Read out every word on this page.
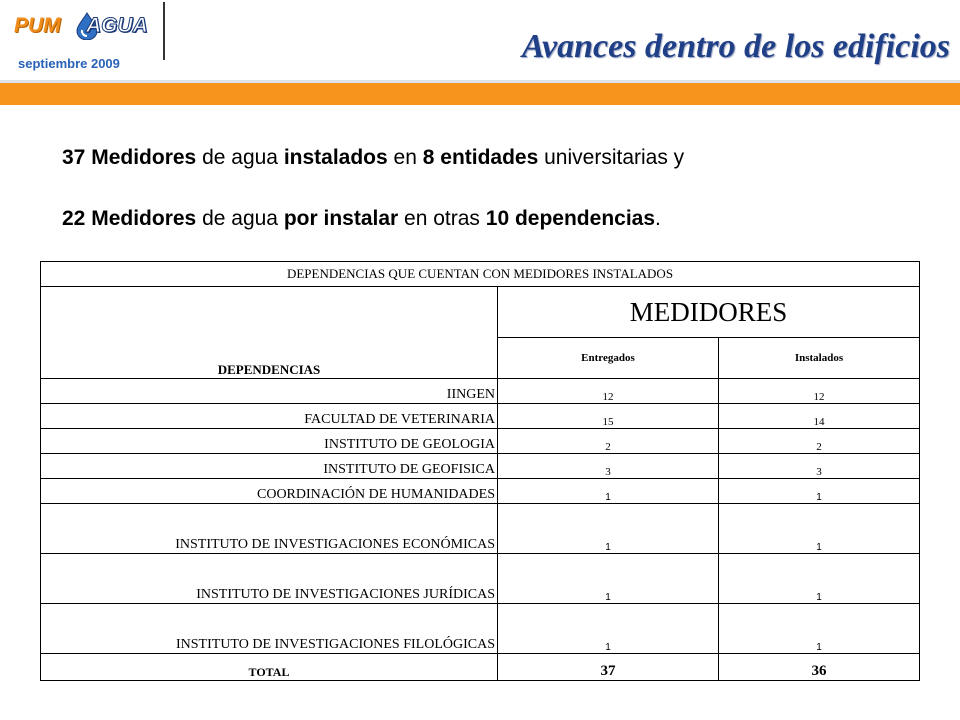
PUM AGUA
septiembre 2009	Avances dentro de los edificios
37 Medidores de agua instalados en 8 entidades universitarias y
22 Medidores de agua por instalar en otras 10 dependencias.
DEPENDENCIAS QUE CUENTAN CON MEDIDORES INSTALADOS		
DEPENDENCIAS	MEDIDORES	
	Entregados	Instalados
IINGEN	12	12
FACULTAD DE VETERINARIA	15	14
INSTITUTO DE GEOLOGIA	2	2
INSTITUTO DE GEOFISICA	3	3
COORDINACIÓN DE HUMANIDADES	1	1
INSTITUTO DE INVESTIGACIONES ECONÓMICAS	1	1
INSTITUTO DE INVESTIGACIONES JURÍDICAS	1	1
INSTITUTO DE INVESTIGACIONES FILOLÓGICAS	1	1
TOTAL	37	36
